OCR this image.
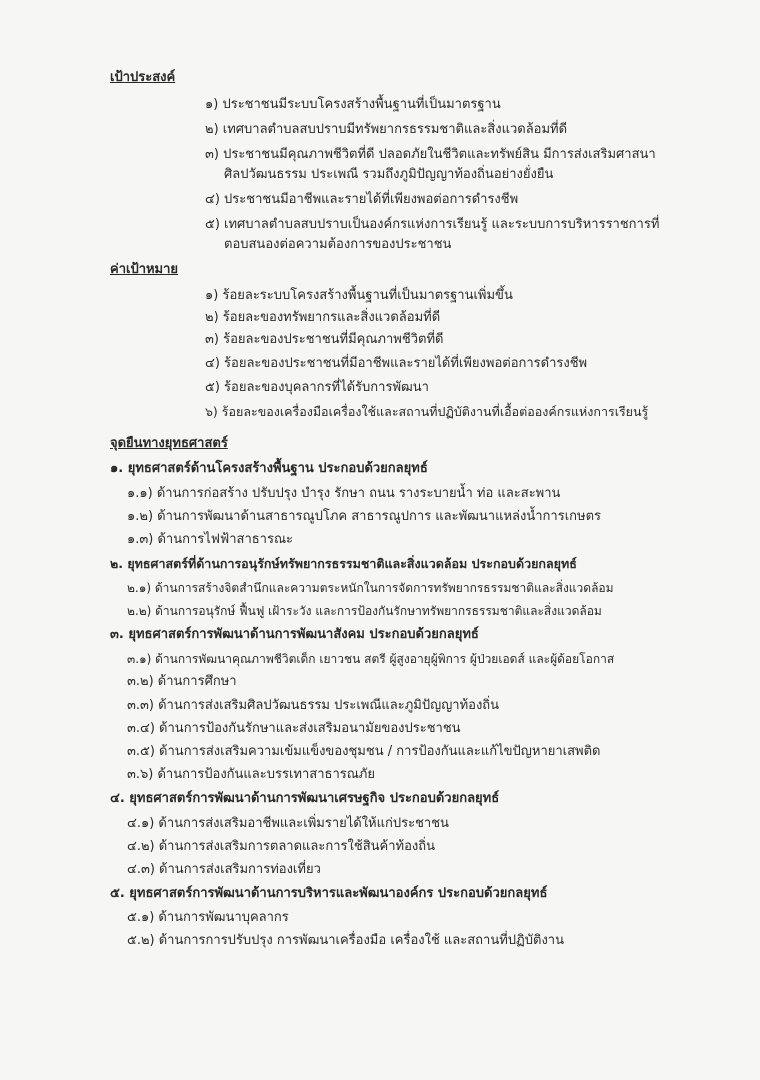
เป้าประสงค์
๑) ประชาชนมีระบบโครงสร้างพื้นฐานที่เป็นมาตรฐาน
๒) เทศบาลตำบลสบปราบมีทรัพยากรธรรมชาติและสิ่งแวดล้อมที่ดี
๓) ประชาชนมีคุณภาพชีวิตที่ดี ปลอดภัยในชีวิตและทรัพย์สิน มีการส่งเสริมศาสนา
ศิลปวัฒนธรรม ประเพณี รวมถึงภูมิปัญญาท้องถิ่นอย่างยั่งยืน
๔) ประชาชนมีอาชีพและรายได้ที่เพียงพอต่อการดำรงชีพ
๕) เทศบาลตำบลสบปราบเป็นองค์กรแห่งการเรียนรู้ และระบบการบริหารราชการที่
ตอบสนองต่อความต้องการของประชาชน
ค่าเป้าหมาย
๑) ร้อยละระบบโครงสร้างพื้นฐานที่เป็นมาตรฐานเพิ่มขึ้น
๒) ร้อยละของทรัพยากรและสิ่งแวดล้อมที่ดี
๓) ร้อยละของประชาชนที่มีคุณภาพชีวิตที่ดี
๔) ร้อยละของประชาชนที่มีอาชีพและรายได้ที่เพียงพอต่อการดำรงชีพ
๕) ร้อยละของบุคลากรที่ได้รับการพัฒนา
๖) ร้อยละของเครื่องมือเครื่องใช้และสถานที่ปฏิบัติงานที่เอื้อต่อองค์กรแห่งการเรียนรู้
จุดยืนทางยุทธศาสตร์
๑. ยุทธศาสตร์ด้านโครงสร้างพื้นฐาน ประกอบด้วยกลยุทธ์
๑.๑) ด้านการก่อสร้าง ปรับปรุง บำรุง รักษา ถนน รางระบายน้ำ ท่อ และสะพาน
๑.๒) ด้านการพัฒนาด้านสาธารณูปโภค สาธารณูปการ และพัฒนาแหล่งน้ำการเกษตร
๑.๓) ด้านการไฟฟ้าสาธารณะ
๒. ยุทธศาสตร์ที่ด้านการอนุรักษ์ทรัพยากรธรรมชาติและสิ่งแวดล้อม ประกอบด้วยกลยุทธ์
๒.๑) ด้านการสร้างจิตสำนึกและความตระหนักในการจัดการทรัพยากรธรรมชาติและสิ่งแวดล้อม
๒.๒) ด้านการอนุรักษ์ ฟื้นฟู เฝ้าระวัง และการป้องกันรักษาทรัพยากรธรรมชาติและสิ่งแวดล้อม
๓. ยุทธศาสตร์การพัฒนาด้านการพัฒนาสังคม ประกอบด้วยกลยุทธ์
๓.๑) ด้านการพัฒนาคุณภาพชีวิตเด็ก เยาวชน สตรี ผู้สูงอายุผู้พิการ ผู้ป่วยเอดส์ และผู้ด้อยโอกาส
๓.๒) ด้านการศึกษา
๓.๓) ด้านการส่งเสริมศิลปวัฒนธรรม ประเพณีและภูมิปัญญาท้องถิ่น
๓.๔) ด้านการป้องกันรักษาและส่งเสริมอนามัยของประชาชน
๓.๕) ด้านการส่งเสริมความเข้มแข็งของชุมชน / การป้องกันและแก้ไขปัญหายาเสพติด
๓.๖) ด้านการป้องกันและบรรเทาสาธารณภัย
๔. ยุทธศาสตร์การพัฒนาด้านการพัฒนาเศรษฐกิจ ประกอบด้วยกลยุทธ์
๔.๑) ด้านการส่งเสริมอาชีพและเพิ่มรายได้ให้แก่ประชาชน
๔.๒) ด้านการส่งเสริมการตลาดและการใช้สินค้าท้องถิ่น
๔.๓) ด้านการส่งเสริมการท่องเที่ยว
๕. ยุทธศาสตร์การพัฒนาด้านการบริหารและพัฒนาองค์กร ประกอบด้วยกลยุทธ์
๕.๑) ด้านการพัฒนาบุคลากร
๕.๒) ด้านการการปรับปรุง การพัฒนาเครื่องมือ เครื่องใช้ และสถานที่ปฏิบัติงาน
